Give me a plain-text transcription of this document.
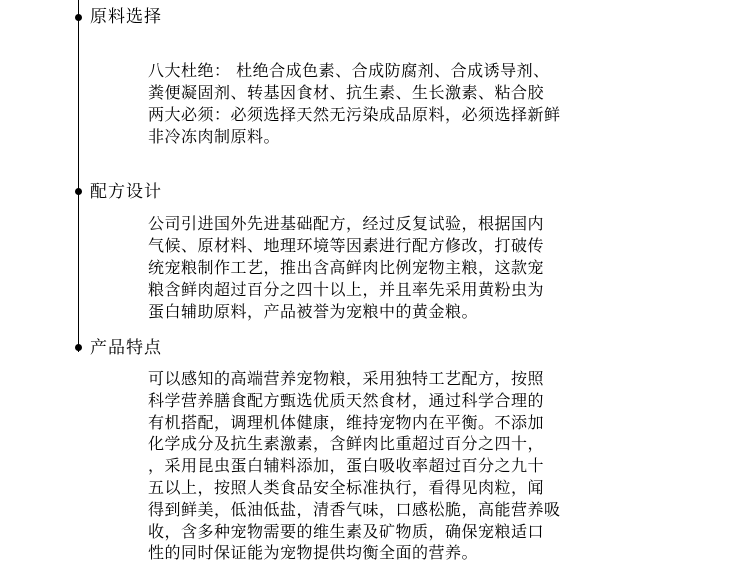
原料选择
八大杜绝： 杜绝合成色素、合成防腐剂、合成诱导剂、
粪便凝固剂、转基因食材、抗生素、生长激素、粘合胶
两大必须：必须选择天然无污染成品原料，必须选择新鲜
非冷冻肉制原料。
配方设计
公司引进国外先进基础配方，经过反复试验，根据国内
气候、原材料、地理环境等因素进行配方修改，打破传
统宠粮制作工艺，推出含高鲜肉比例宠物主粮，这款宠
粮含鲜肉超过百分之四十以上，并且率先采用黄粉虫为
蛋白辅助原料，产品被誉为宠粮中的黄金粮。
产品特点
可以感知的高端营养宠物粮，采用独特工艺配方，按照
科学营养膳食配方甄选优质天然食材，通过科学合理的
有机搭配，调理机体健康，维持宠物内在平衡。不添加
化学成分及抗生素激素，含鲜肉比重超过百分之四十，
，采用昆虫蛋白辅料添加，蛋白吸收率超过百分之九十
五以上，按照人类食品安全标准执行，看得见肉粒，闻
得到鲜美，低油低盐，清香气味，口感松脆，高能营养吸
收，含多种宠物需要的维生素及矿物质，确保宠粮适口
性的同时保证能为宠物提供均衡全面的营养。
